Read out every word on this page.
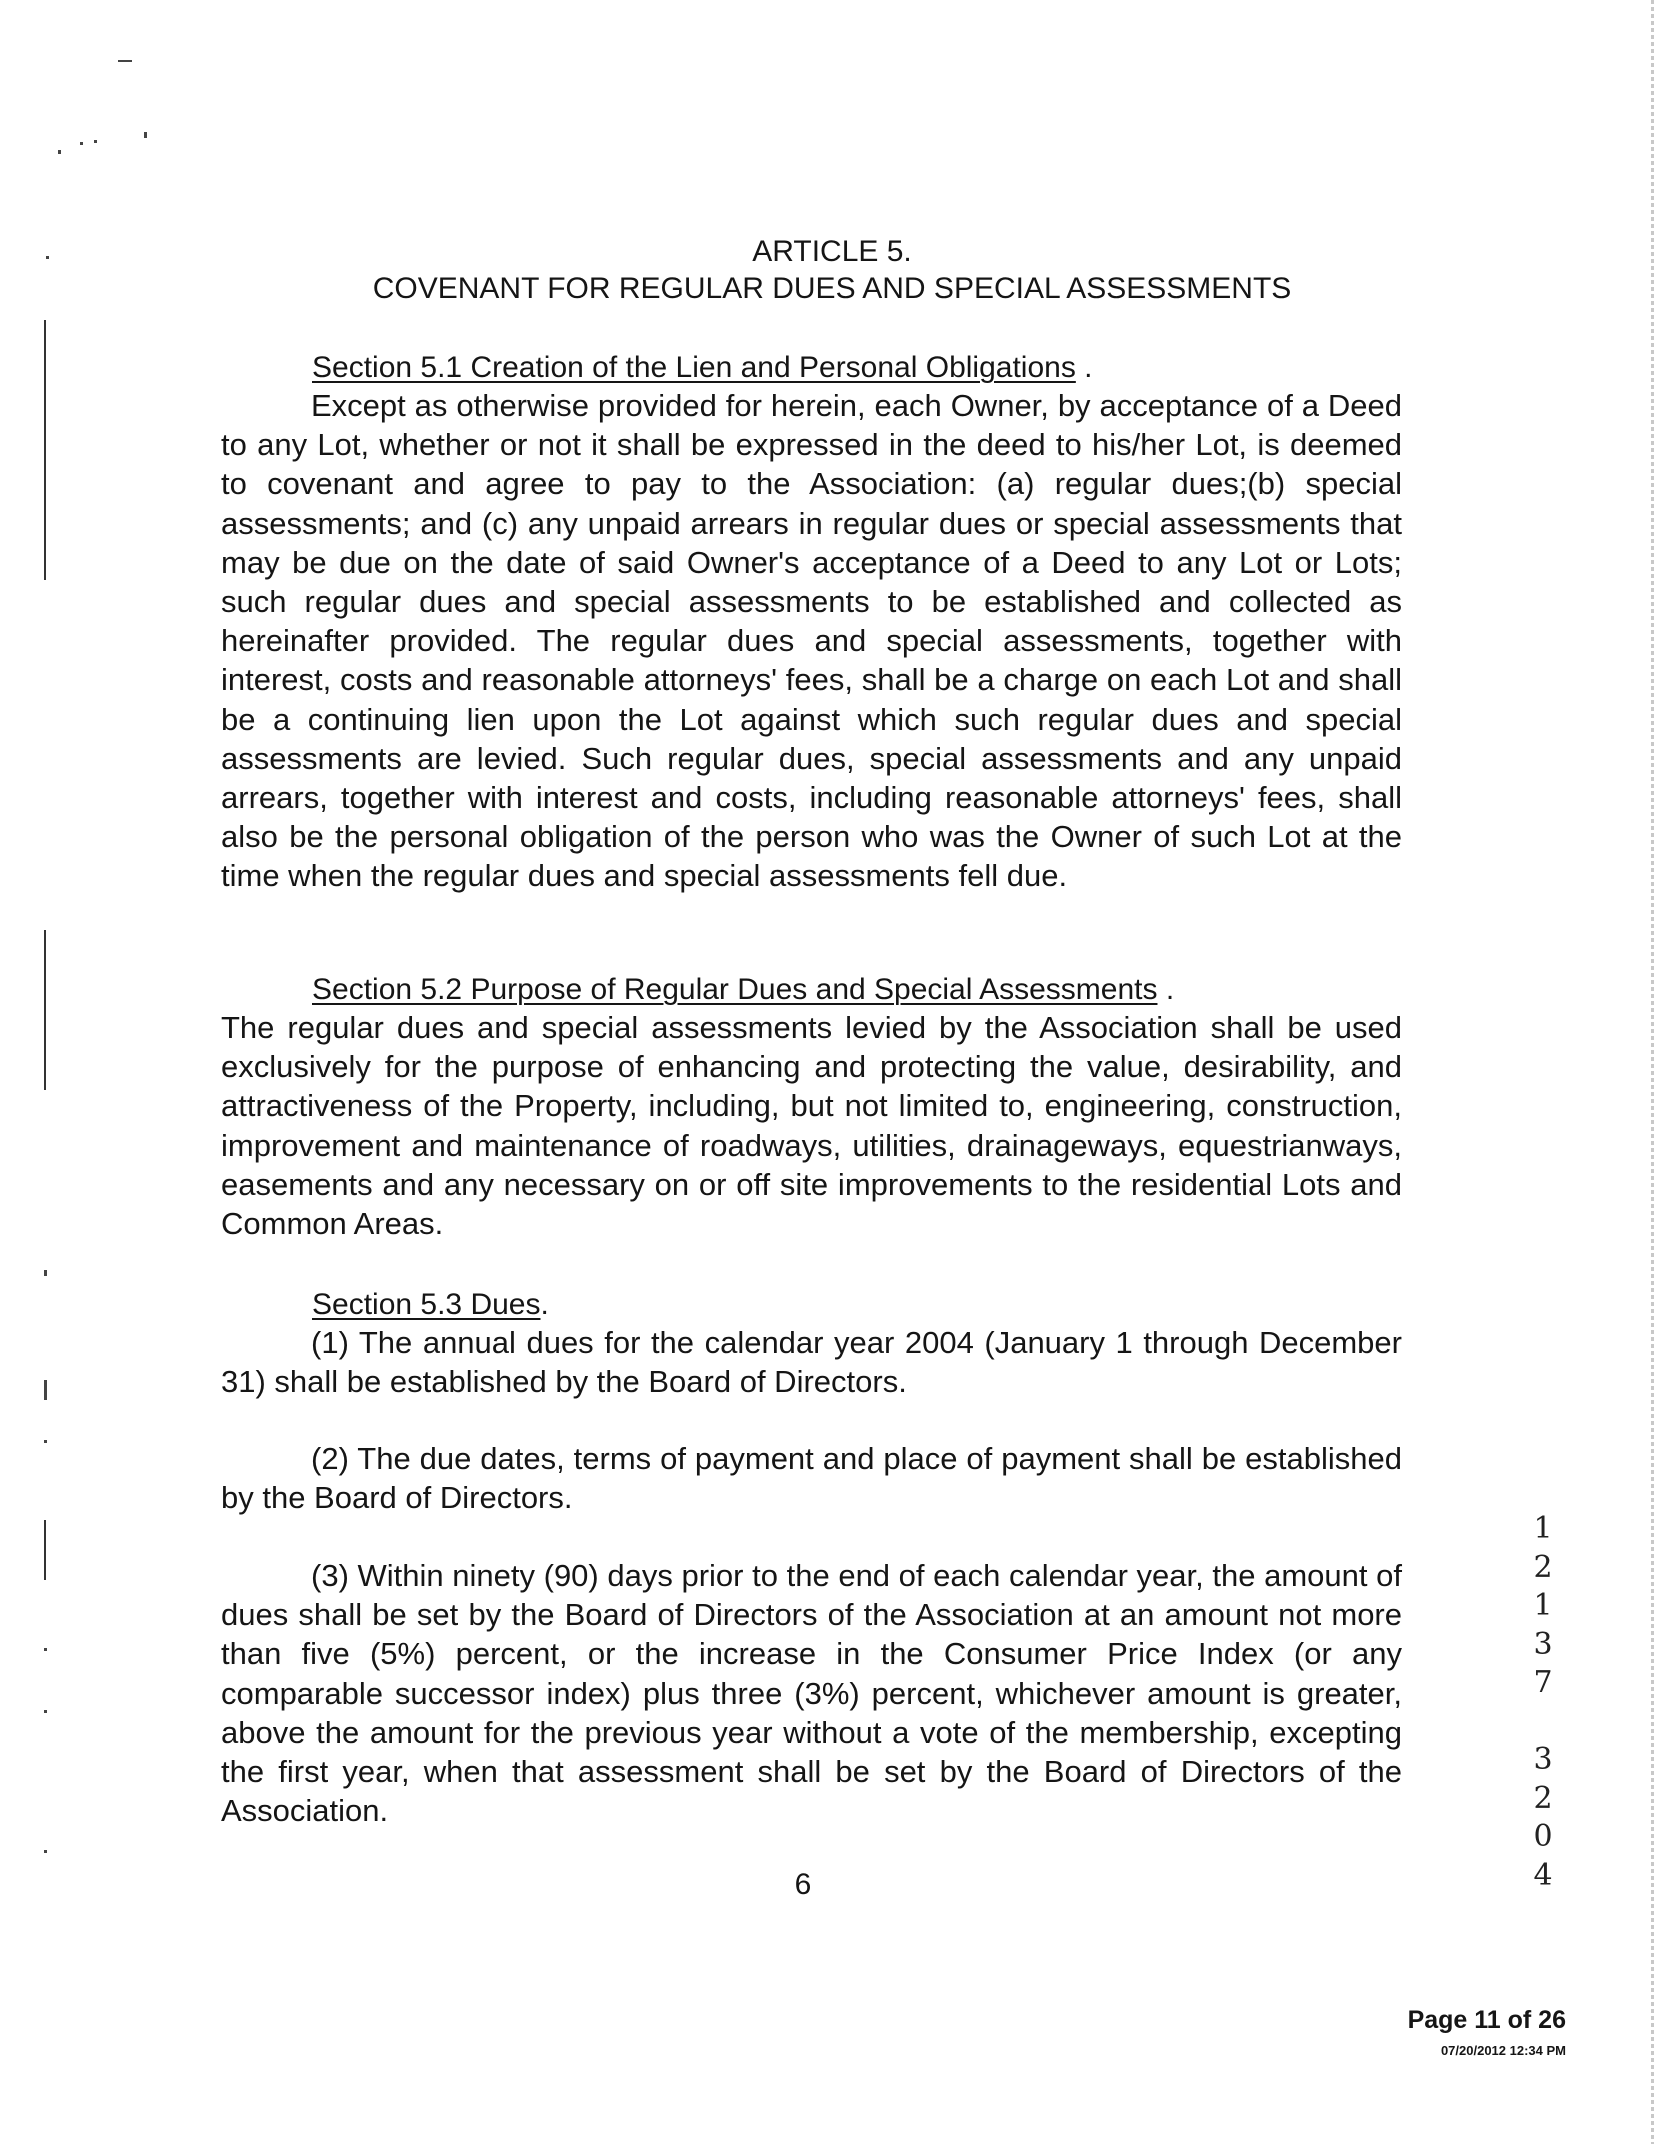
ARTICLE 5.
COVENANT FOR REGULAR DUES AND SPECIAL ASSESSMENTS
Section 5.1 Creation of the Lien and Personal Obligations .
Except as otherwise provided for herein, each Owner, by acceptance of a Deed to any Lot, whether or not it shall be expressed in the deed to his/her Lot, is deemed to covenant and agree to pay to the Association: (a) regular dues;(b) special assessments; and (c) any unpaid arrears in regular dues or special assessments that may be due on the date of said Owner's acceptance of a Deed to any Lot or Lots; such regular dues and special assessments to be established and collected as hereinafter provided. The regular dues and special assessments, together with interest, costs and reasonable attorneys' fees, shall be a charge on each Lot and shall be a continuing lien upon the Lot against which such regular dues and special assessments are levied. Such regular dues, special assessments and any unpaid arrears, together with interest and costs, including reasonable attorneys' fees, shall also be the personal obligation of the person who was the Owner of such Lot at the time when the regular dues and special assessments fell due.
Section 5.2 Purpose of Regular Dues and Special Assessments .
The regular dues and special assessments levied by the Association shall be used exclusively for the purpose of enhancing and protecting the value, desirability, and attractiveness of the Property, including, but not limited to, engineering, construction, improvement and maintenance of roadways, utilities, drainageways, equestrianways, easements and any necessary on or off site improvements to the residential Lots and Common Areas.
Section 5.3 Dues.
(1) The annual dues for the calendar year 2004 (January 1 through December 31) shall be established by the Board of Directors.
(2) The due dates, terms of payment and place of payment shall be established by the Board of Directors.
(3) Within ninety (90) days prior to the end of each calendar year, the amount of dues shall be set by the Board of Directors of the Association at an amount not more than five (5%) percent, or the increase in the Consumer Price Index (or any comparable successor index) plus three (3%) percent, whichever amount is greater, above the amount for the previous year without a vote of the membership, excepting the first year, when that assessment shall be set by the Board of Directors of the Association.
6
1
2
1
3
7

3
2
0
4
Page 11 of 26
07/20/2012 12:34 PM
